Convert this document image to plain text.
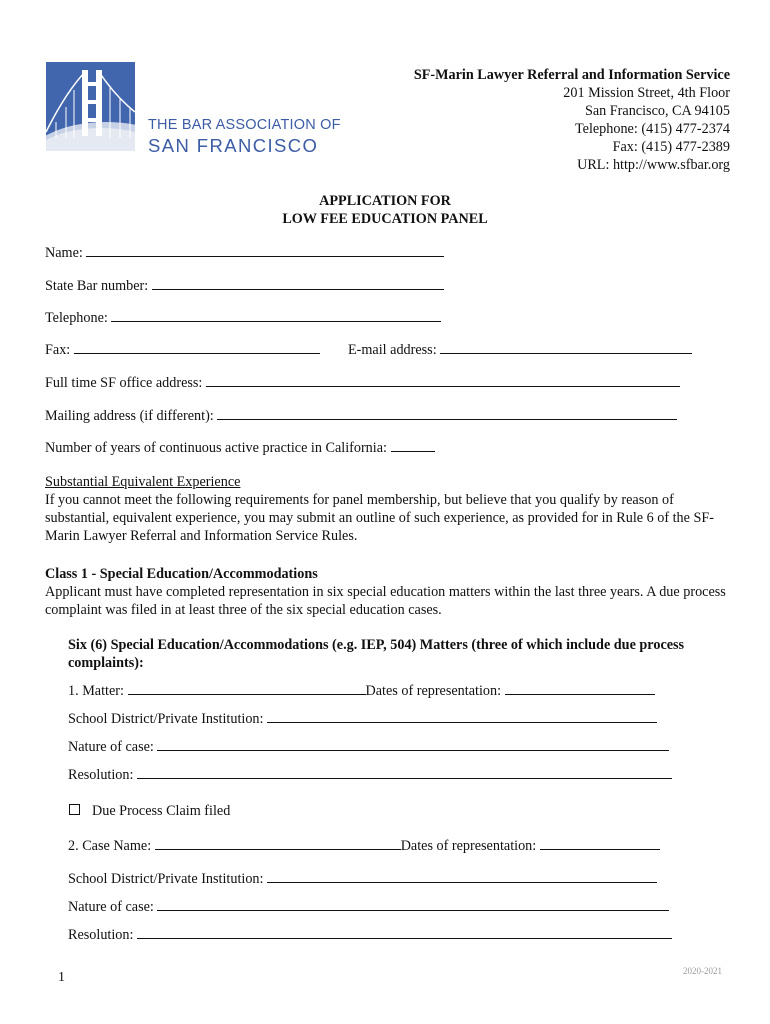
THE BAR ASSOCIATION OF
SAN FRANCISCO
SF-Marin Lawyer Referral and Information Service
201 Mission Street, 4th Floor
San Francisco, CA 94105
Telephone: (415) 477-2374
Fax: (415) 477-2389
URL: http://www.sfbar.org
APPLICATION FOR
LOW FEE EDUCATION PANEL
Name:
State Bar number:
Telephone:
Fax:	E-mail address:
Full time SF office address:
Mailing address (if different):
Number of years of continuous active practice in California:
Substantial Equivalent Experience
If you cannot meet the following requirements for panel membership, but believe that you qualify by reason of substantial, equivalent experience, you may submit an outline of such experience, as provided for in Rule 6 of the SF-Marin Lawyer Referral and Information Service Rules.
Class 1 - Special Education/Accommodations
Applicant must have completed representation in six special education matters within the last three years. A due process complaint was filed in at least three of the six special education cases.
Six (6) Special Education/Accommodations (e.g. IEP, 504) Matters (three of which include due process complaints):
1. Matter:	Dates of representation:
School District/Private Institution:
Nature of case:
Resolution:
Due Process Claim filed
2. Case Name:	Dates of representation:
School District/Private Institution:
Nature of case:
Resolution:
1	2020-2021
